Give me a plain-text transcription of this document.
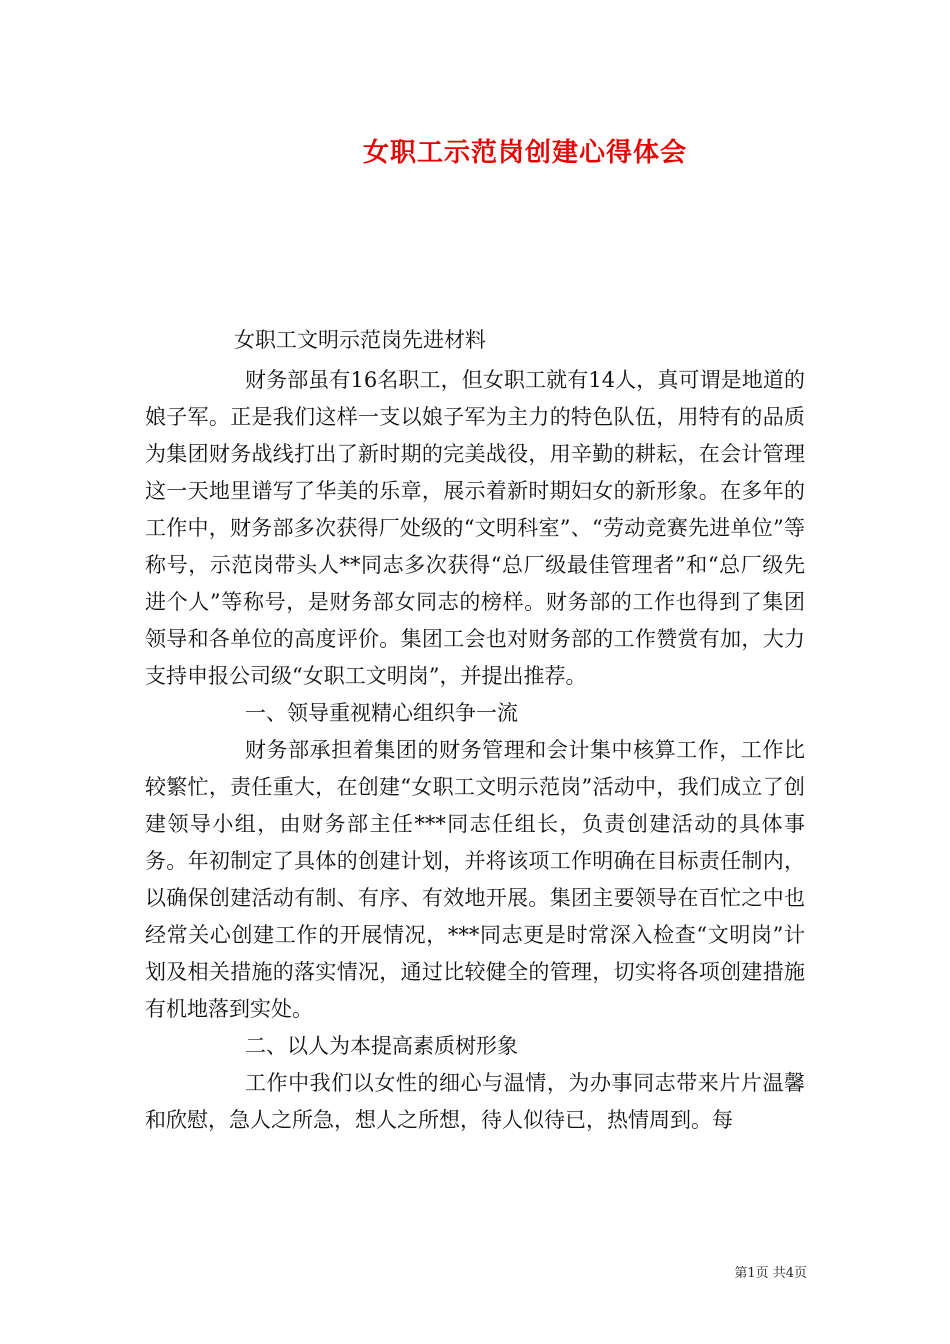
女职工示范岗创建心得体会
女职工文明示范岗先进材料

财务部虽有16名职工，但女职工就有14人，真可谓是地道的娘子军。正是我们这样一支以娘子军为主力的特色队伍，用特有的品质为集团财务战线打出了新时期的完美战役，用辛勤的耕耘，在会计管理这一天地里谱写了华美的乐章，展示着新时期妇女的新形象。在多年的工作中，财务部多次获得厂处级的“文明科室”、“劳动竞赛先进单位”等称号，示范岗带头人**同志多次获得“总厂级最佳管理者”和“总厂级先进个人”等称号，是财务部女同志的榜样。财务部的工作也得到了集团领导和各单位的高度评价。集团工会也对财务部的工作赞赏有加，大力支持申报公司级“女职工文明岗”，并提出推荐。

一、领导重视精心组织争一流

财务部承担着集团的财务管理和会计集中核算工作，工作比较繁忙，责任重大，在创建“女职工文明示范岗”活动中，我们成立了创建领导小组，由财务部主任***同志任组长，负责创建活动的具体事务。年初制定了具体的创建计划，并将该项工作明确在目标责任制内，以确保创建活动有制、有序、有效地开展。集团主要领导在百忙之中也经常关心创建工作的开展情况，***同志更是时常深入检查“文明岗”计划及相关措施的落实情况，通过比较健全的管理，切实将各项创建措施有机地落到实处。

二、以人为本提高素质树形象

工作中我们以女性的细心与温情，为办事同志带来片片温馨和欣慰，急人之所急，想人之所想，待人似待已，热情周到。每

第1页 共4页
